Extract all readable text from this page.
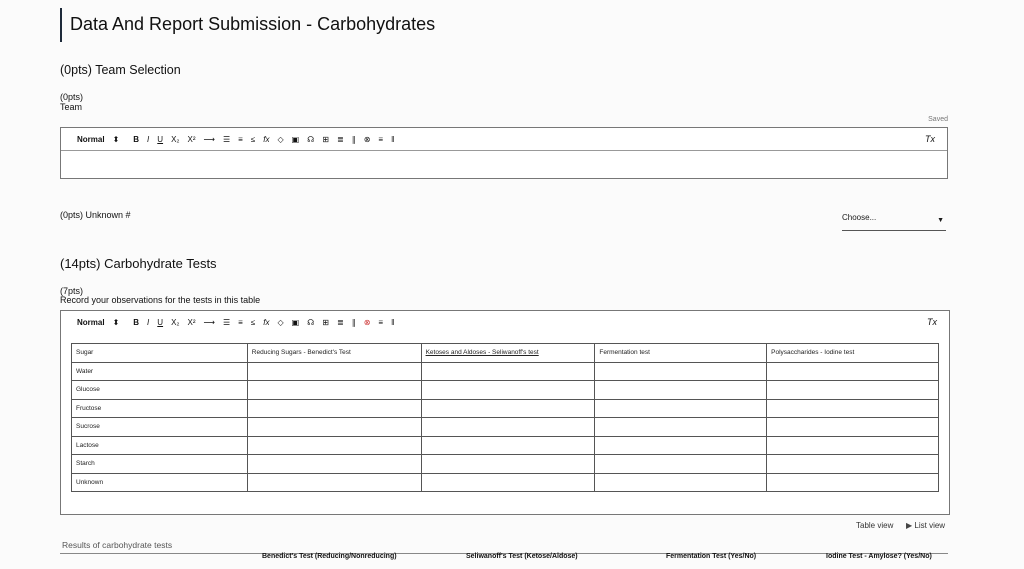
Data And Report Submission - Carbohydrates
(0pts) Team Selection
(0pts)
Team
Saved
Normal ⬍ B I U X₂ X² ⟶ ☰ ≡ ≤ fx ◇ ▣ ☊ ⊞ ≣ ∥ ⊗ ≡ ‖	Tx
(0pts) Unknown #	Choose...	▼
(14pts) Carbohydrate Tests
(7pts)
Record your observations for the tests in this table
Normal ⬍ B I U X₂ X² ⟶ ☰ ≡ ≤ fx ◇ ▣ ☊ ⊞ ≣ ∥ ⊗ ≡ ‖	Tx
Sugar	Reducing Sugars - Benedict's Test	Ketoses and Aldoses - Seliwanoff's test	Fermentation test	Polysaccharides - Iodine test
Water				
Glucose				
Fructose				
Sucrose				
Lactose				
Starch				
Unknown				
Table view ▶ List view
Results of carbohydrate tests
Benedict's Test (Reducing/Nonreducing)	Seliwanoff's Test (Ketose/Aldose)	Fermentation Test (Yes/No)	Iodine Test - Amylose? (Yes/No)
